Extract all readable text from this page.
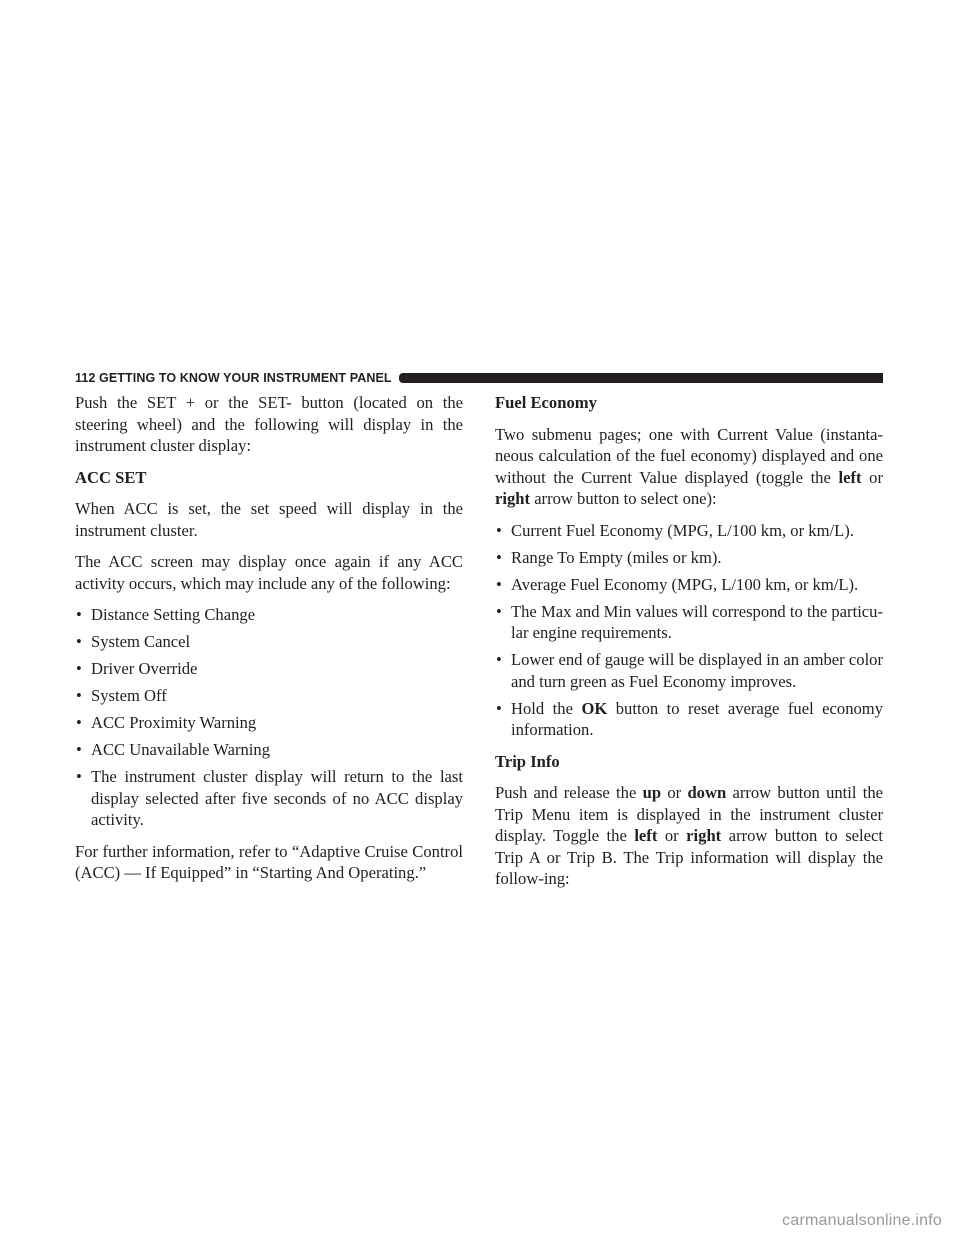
112 GETTING TO KNOW YOUR INSTRUMENT PANEL

Push the SET + or the SET- button (located on the steering wheel) and the following will display in the instrument cluster display:

ACC SET

When ACC is set, the set speed will display in the instrument cluster.

The ACC screen may display once again if any ACC activity occurs, which may include any of the following:

• Distance Setting Change
• System Cancel
• Driver Override
• System Off
• ACC Proximity Warning
• ACC Unavailable Warning
• The instrument cluster display will return to the last display selected after five seconds of no ACC display activity.

For further information, refer to “Adaptive Cruise Control (ACC) — If Equipped” in “Starting And Operating.”

Fuel Economy

Two submenu pages; one with Current Value (instanta-neous calculation of the fuel economy) displayed and one without the Current Value displayed (toggle the left or right arrow button to select one):

• Current Fuel Economy (MPG, L/100 km, or km/L).
• Range To Empty (miles or km).
• Average Fuel Economy (MPG, L/100 km, or km/L).
• The Max and Min values will correspond to the particu-lar engine requirements.
• Lower end of gauge will be displayed in an amber color and turn green as Fuel Economy improves.
• Hold the OK button to reset average fuel economy information.
Trip Info

Push and release the up or down arrow button until the Trip Menu item is displayed in the instrument cluster display. Toggle the left or right arrow button to select Trip A or Trip B. The Trip information will display the follow-ing:

carmanualsonline.info
